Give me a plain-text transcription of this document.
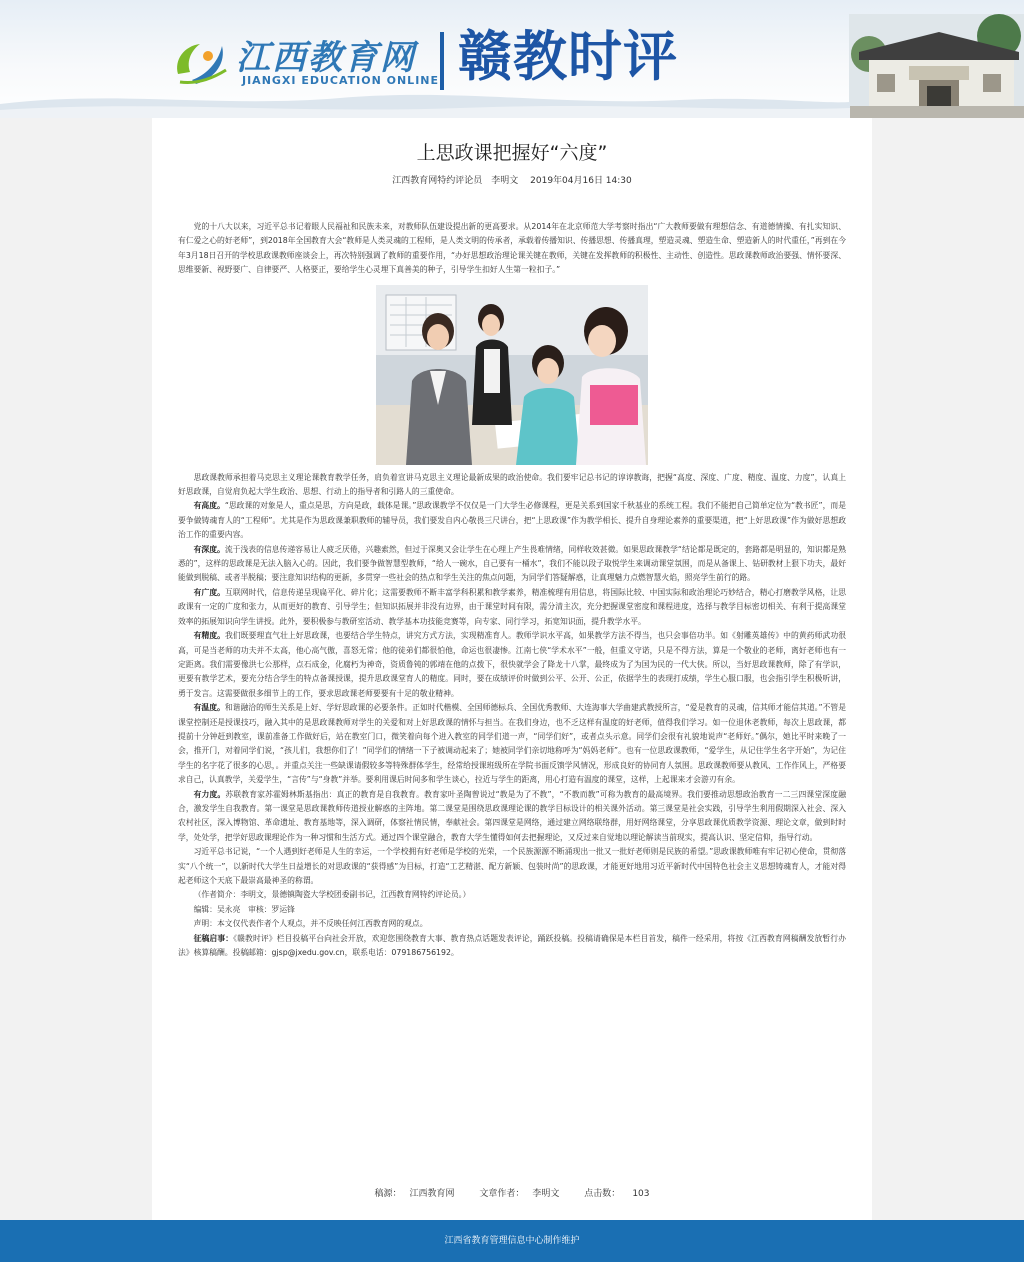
江西教育网
JIANGXI EDUCATION ONLINE 赣教时评
上思政课把握好“六度”
江西教育网特约评论员　李明文　 2019年04月16日 14:30

党的十八大以来，习近平总书记着眼人民福祉和民族未来，对教师队伍建设提出新的更高要求。从2014年在北京师范大学考察时指出“广大教师要做有理想信念、有道德情操、有扎实知识、有仁爱之心的好老师”，到2018年全国教育大会“教师是人类灵魂的工程师，是人类文明的传承者，承载着传播知识、传播思想、传播真理，塑造灵魂、塑造生命、塑造新人的时代重任，”再到在今年3月18日召开的学校思政课教师座谈会上，再次特别强调了教师的重要作用，“办好思想政治理论课关键在教师，关键在发挥教师的积极性、主动性、创造性。思政课教师政治要强、情怀要深、思维要新、视野要广、自律要严、人格要正，要给学生心灵埋下真善美的种子，引导学生扣好人生第一粒扣子。”

思政课教师承担着马克思主义理论课教育教学任务，肩负着宣讲马克思主义理论最新成果的政治使命。我们要牢记总书记的谆谆教诲，把握“高度、深度、广度、精度、温度、力度”，认真上好思政课，自觉肩负起大学生政治、思想、行动上的指导者和引路人的三重使命。

有高度。“思政课的对象是人，重点是思，方向是政，载体是课。”思政课教学不仅仅是一门大学生必修课程，更是关系到国家千秋基业的系统工程。我们不能把自己简单定位为“教书匠”，而是要争做铸魂育人的“工程师”。尤其是作为思政课兼职教师的辅导员，我们要发自内心敬畏三尺讲台，把“上思政课”作为教学相长、提升自身理论素养的重要渠道，把“上好思政课”作为做好思想政治工作的重要内容。

有深度。流于浅表的信息传递容易让人疲乏厌倦，兴趣索然，但过于深奥又会让学生在心理上产生畏难情绪，同样收效甚微。如果思政课教学“结论都是既定的，套路都是明显的，知识都是熟悉的”，这样的思政课是无法入脑入心的。因此，我们要争做智慧型教师，“给人一碗水，自己要有一桶水”，我们不能以段子取悦学生来调动课堂氛围，而是从备课上、钻研教材上狠下功夫，最好能做到脱稿、或者半脱稿；要注意知识结构的更新，多贯穿一些社会的热点和学生关注的焦点问题，为同学们答疑解惑，让真理魅力点燃智慧火焰，照亮学生前行的路。

有广度。互联网时代，信息传递呈现扁平化、碎片化；这需要教师不断丰富学科积累和教学素养，精准梳理有用信息，将国际比较、中国实际和政治理论巧妙结合，精心打磨教学风格，让思政课有一定的广度和张力，从而更好的教育、引导学生；但知识拓展并非没有边界，由于课堂时间有限，需分清主次，充分把握课堂密度和课程进度，选择与教学目标密切相关、有利于提高课堂效率的拓展知识向学生讲授。此外，要积极参与教研室活动、教学基本功技能竞赛等，向专家、同行学习，拓宽知识面，提升教学水平。

有精度。我们既要理直气壮上好思政课，也要结合学生特点，讲究方式方法，实现精准育人。教师学识水平高，如果教学方法不得当，也只会事倍功半。如《射雕英雄传》中的黄药师武功很高，可是当老师的功夫并不太高，他心高气傲，喜怒无常；他的徒弟们都很怕他，命运也很凄惨。江南七侠“学术水平”一般，但重义守诺，只是不得方法，算是一个敬业的老师，离好老师也有一定距离。我们需要像洪七公那样，点石成金，化腐朽为神奇，资质鲁钝的郭靖在他的点拨下，很快就学会了降龙十八掌，最终成为了为国为民的一代大侠。所以，当好思政课教师，除了有学识，更要有教学艺术，要充分结合学生的特点备课授课，提升思政课堂育人的精度。同时，要在成绩评价时做到公平、公开、公正，依据学生的表现打成绩，学生心服口服，也会指引学生积极听讲，勇于发言。这需要做很多细节上的工作，要求思政课老师要要有十足的敬业精神。

有温度。和谐融洽的师生关系是上好、学好思政课的必要条件。正如时代楷模、全国师德标兵、全国优秀教师、大连海事大学曲建武教授所言，“爱是教育的灵魂，信其师才能信其道。”不管是课堂控制还是授课技巧，融入其中的是思政课教师对学生的关爱和对上好思政课的情怀与担当。在我们身边，也不乏这样有温度的好老师，值得我们学习。如一位退休老教师，每次上思政课，都提前十分钟赶到教室，课前准备工作做好后，站在教室门口，微笑着向每个进入教室的同学们道一声，“同学们好”，或者点头示意。同学们会很有礼貌地说声“老师好。”偶尔，她比平时来晚了一会，推开门，对着同学们说，“孩儿们，我想你们了！”同学们的情绪一下子被调动起来了；她被同学们亲切地称呼为“妈妈老师”。也有一位思政课教师，“爱学生，从记住学生名字开始”，为记住学生的名字花了很多的心思，。并重点关注一些缺课请假较多等特殊群体学生，经常给授课班级所在学院书面反馈学风情况，形成良好的协同育人氛围。思政课教师要从教风、工作作风上，严格要求自己，认真教学，关爱学生，“言传”与“身教”并举。要利用课后时间多和学生谈心，拉近与学生的距离，用心打造有温度的课堂，这样，上起课来才会游刃有余。

有力度。苏联教育家苏霍姆林斯基指出：真正的教育是自我教育。教育家叶圣陶曾说过“教是为了不教”，“不教而教”可称为教育的最高境界。我们要推动思想政治教育一二三四课堂深度融合，激发学生自我教育。第一课堂是思政课教师传道授业解惑的主阵地。第二课堂是围绕思政课理论课的教学目标设计的相关课外活动。第三课堂是社会实践，引导学生利用假期深入社会、深入农村社区，深入博物馆、革命遗址、教育基地等，深入调研，体察社情民情，奉献社会。第四课堂是网络，通过建立网络联络群，用好网络课堂，分享思政课优质教学资源、理论文章，做到时时学，处处学，把学好思政课理论作为一种习惯和生活方式。通过四个课堂融合，教育大学生懂得如何去把握理论，又反过来自觉地以理论解读当前现实，提高认识、坚定信仰，指导行动。

习近平总书记说，“一个人遇到好老师是人生的幸运，一个学校拥有好老师是学校的光荣，一个民族源源不断涌现出一批又一批好老师则是民族的希望。”思政课教师唯有牢记初心使命，贯彻落实“八个统一”，以新时代大学生日益增长的对思政课的“获得感”为目标，打造“工艺精湛、配方新颖、包装时尚”的思政课，才能更好地用习近平新时代中国特色社会主义思想铸魂育人，才能对得起老师这个天底下最崇高最神圣的称谓。

（作者简介：李明文，景德镇陶瓷大学校团委副书记，江西教育网特约评论员。）

编辑：吴永亮　审核：罗运锋

声明：本文仅代表作者个人观点，并不反映任何江西教育网的观点。

征稿启事：《赣教时评》栏目投稿平台向社会开放，欢迎您围绕教育大事、教育热点话题发表评论，踊跃投稿。投稿请确保是本栏目首发，稿件一经采用，将按《江西教育网稿酬发放暂行办法》核算稿酬。投稿邮箱：gjsp@jxedu.gov.cn，联系电话：079186756192。

稿源： 江西教育网	文章作者： 李明文	点击数： 103
江西省教育管理信息中心制作维护
